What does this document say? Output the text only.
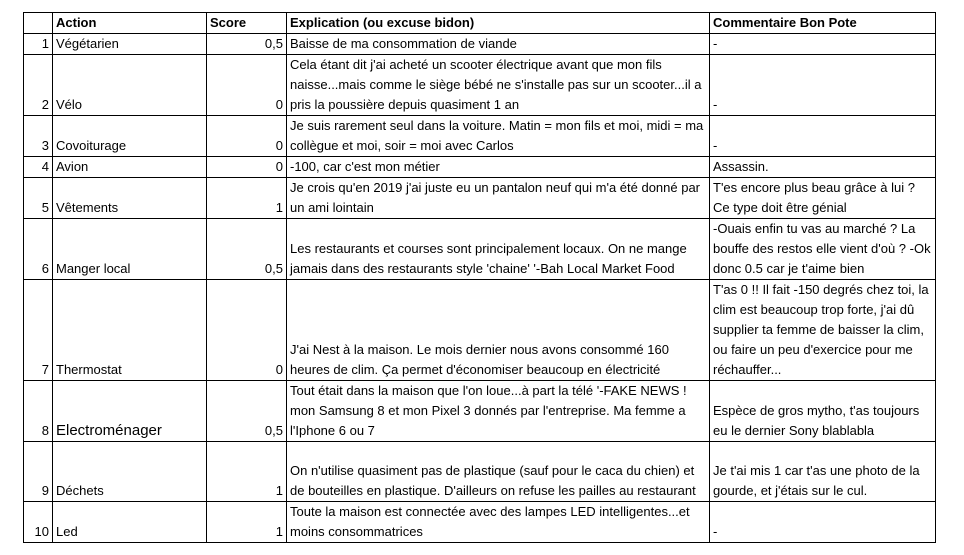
	Action	Score	Explication (ou excuse bidon)	Commentaire Bon Pote
1	Végétarien	0,5	Baisse de ma consommation de viande	-
2	Vélo	0	Cela étant dit j'ai acheté un scooter électrique avant que mon fils naisse...mais comme le siège bébé ne s'installe pas sur un scooter...il a pris la poussière depuis quasiment 1 an	-
3	Covoiturage	0	Je suis rarement seul dans la voiture. Matin = mon fils et moi, midi = ma collègue et moi, soir = moi avec Carlos	-
4	Avion	0	-100, car c'est mon métier	Assassin.
5	Vêtements	1	Je crois qu'en 2019 j'ai juste eu un pantalon neuf qui m'a été donné par un ami lointain	T'es encore plus beau grâce à lui ? Ce type doit être génial
6	Manger local	0,5	Les restaurants et courses sont principalement locaux. On ne mange jamais dans des restaurants style 'chaine' '-Bah Local Market Food	-Ouais enfin tu vas au marché ? La bouffe des restos elle vient d'où ? -Ok donc 0.5 car je t'aime bien
7	Thermostat	0	J'ai Nest à la maison. Le mois dernier nous avons consommé 160 heures de clim. Ça permet d'économiser beaucoup en électricité	T'as 0 !! Il fait -150 degrés chez toi, la clim est beaucoup trop forte, j'ai dû supplier ta femme de baisser la clim, ou faire un peu d'exercice pour me réchauffer...
8	Electroménager	0,5	Tout était dans la maison que l'on loue...à part la télé '-FAKE NEWS ! mon Samsung 8 et mon Pixel 3 donnés par l'entreprise. Ma femme a l'Iphone 6 ou 7	Espèce de gros mytho, t'as toujours eu le dernier Sony blablabla
9	Déchets	1	On n'utilise quasiment pas de plastique (sauf pour le caca du chien) et de bouteilles en plastique. D'ailleurs on refuse les pailles au restaurant	Je t'ai mis 1 car t'as une photo de la gourde, et j'étais sur le cul.
10	Led	1	Toute la maison est connectée avec des lampes LED intelligentes...et moins consommatrices	-
